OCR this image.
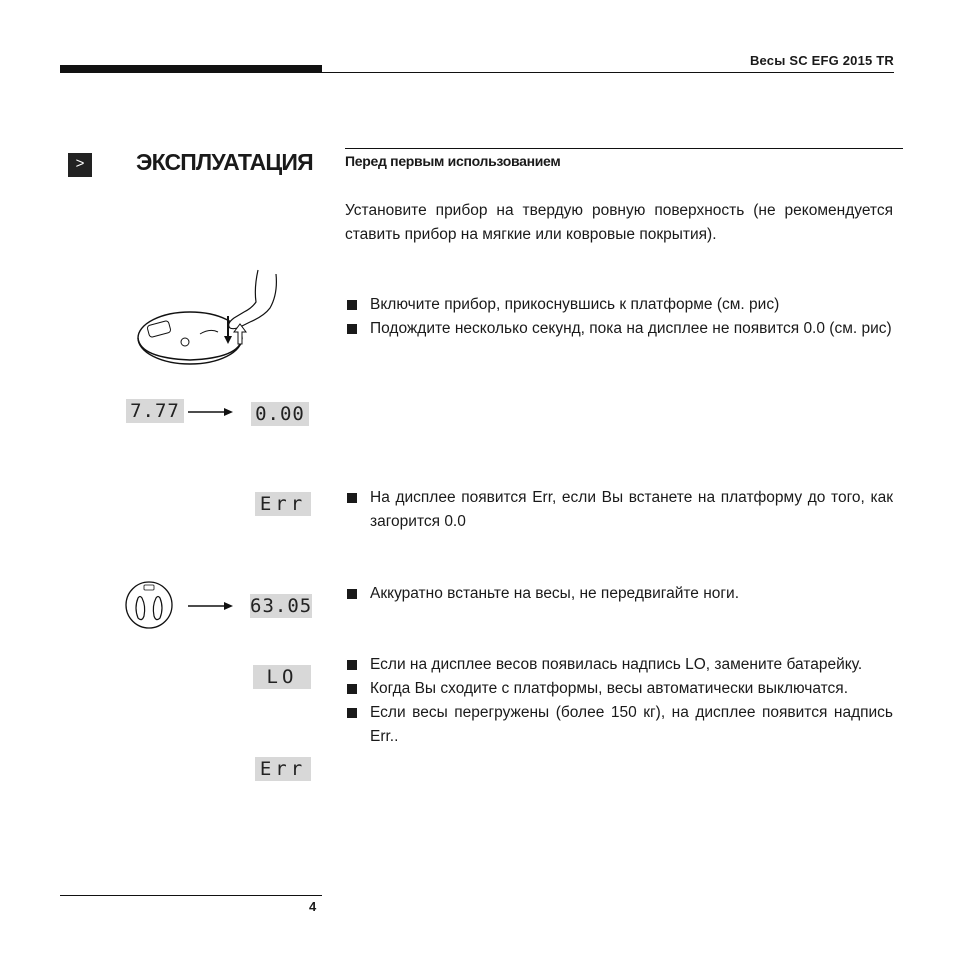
Весы SC EFG 2015 TR
>	ЭКСПЛУАТАЦИЯ Перед первым использованием
Установите прибор на твердую ровную поверхность (не рекомендуется ставить прибор на мягкие или ковровые покрытия).
Включите прибор, прикоснувшись к платформе (см. рис)
Подождите несколько секунд, пока на дисплее не появится 0.0 (см. рис)
На дисплее появится Err, если Вы встанете на платформу до того, как загорится 0.0
Аккуратно встаньте на весы, не передвигайте ноги.
Если на дисплее весов появилась надпись LO, замените батарейку.
Когда Вы сходите с платформы, весы автоматически выключатся.
Если весы перегружены (более 150 кг), на дисплее появится надпись Err..
7.77	0.00
Err
63.05
LO
Err
4
